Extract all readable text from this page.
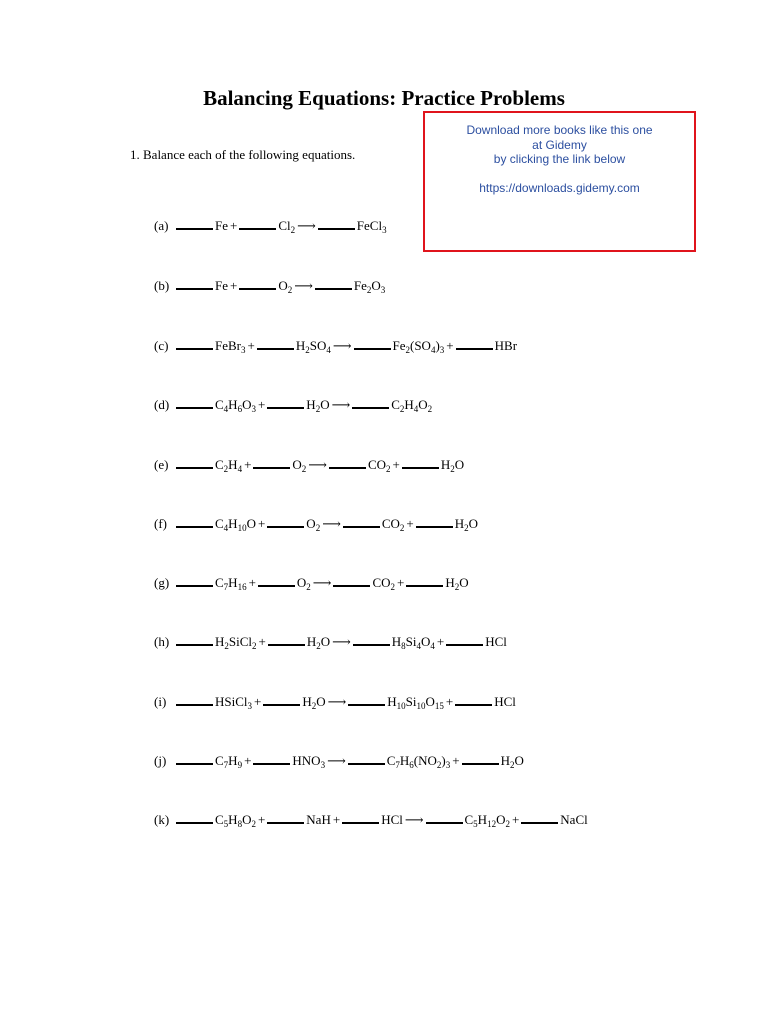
Balancing Equations: Practice Problems
Download more books like this one
at Gidemy
by clicking the link below
https://downloads.gidemy.com
1. Balance each of the following equations.
(a)	Fe +	$Cl_2$ ⟶	FeCl$_3$
(b)	Fe +	$O_2$ ⟶	$Fe_2O_3$
(c)	FeBr$_3$ +	$H_2SO_4$ ⟶	$Fe_2(SO_4)_3$ +	HBr
(d)	$C_4H_6O_3$ +	$H_2O$ ⟶	$C_2H_4O_2$
(e)	$C_2H_4$ +	$O_2$ ⟶	$CO_2$ +	$H_2O$
(f)	$C_4H_{10}O$ +	$O_2$ ⟶	$CO_2$ +	$H_2O$
(g)	$C_7H_{16}$ +	$O_2$ ⟶	$CO_2$ +	$H_2O$
(h)	$H_2SiCl_2$ +	$H_2O$ ⟶	$H_8Si_4O_4$ +	HCl
(i)	HSiCl$_3$ +	$H_2O$ ⟶	$H_{10}Si_{10}O_{15}$ +	HCl
(j)	$C_7H_9$ +	$HNO_3$ ⟶	$C_7H_6(NO_2)_3$ +	$H_2O$
(k)	$C_5H_8O_2$ +	NaH +	HCl ⟶	$C_5H_{12}O_2$ +	NaCl
